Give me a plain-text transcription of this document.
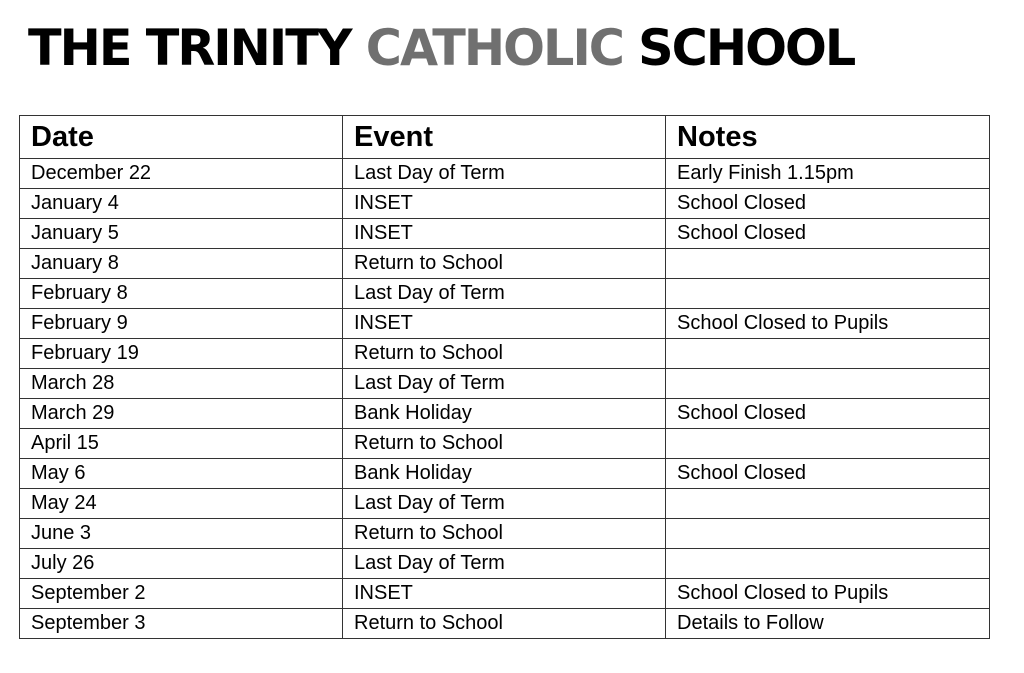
THE TRINITY CATHOLIC SCHOOL
Date	Event	Notes
December 22	Last Day of Term	Early Finish 1.15pm
January 4	INSET	School Closed
January 5	INSET	School Closed
January 8	Return to School	
February 8	Last Day of Term	
February 9	INSET	School Closed to Pupils
February 19	Return to School	
March 28	Last Day of Term	
March 29	Bank Holiday	School Closed
April 15	Return to School	
May 6	Bank Holiday	School Closed
May 24	Last Day of Term	
June 3	Return to School	
July 26	Last Day of Term	
September 2	INSET	School Closed to Pupils
September 3	Return to School	Details to Follow
